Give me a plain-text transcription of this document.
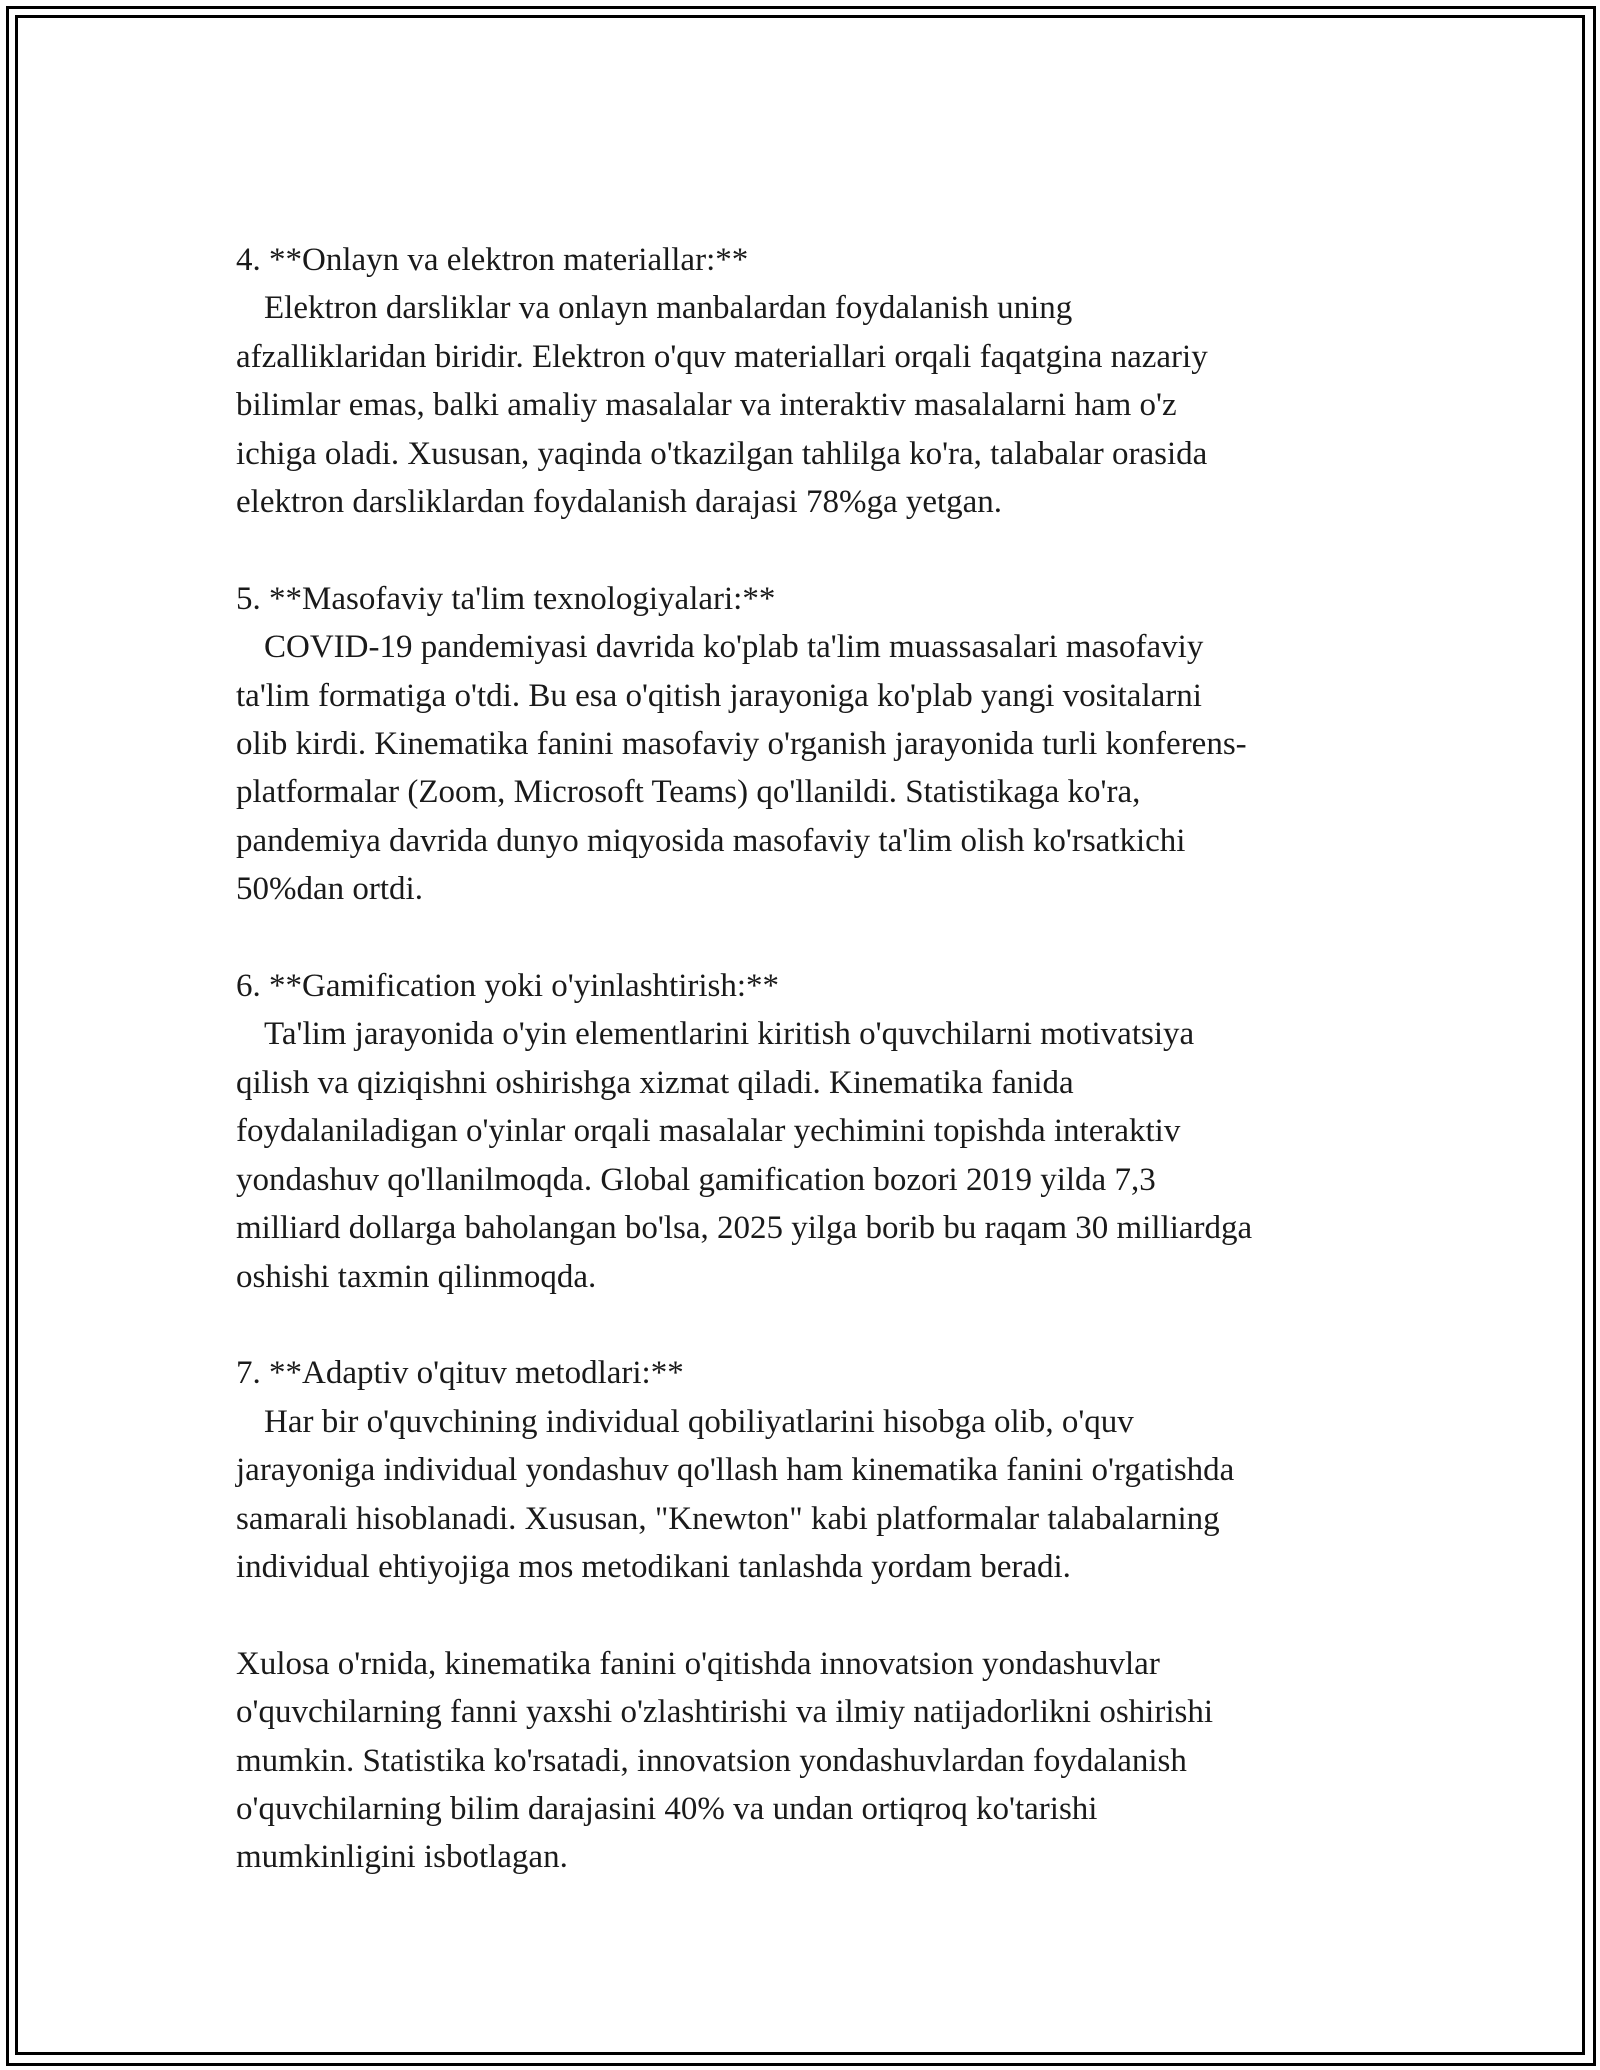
4. **Onlayn va elektron materiallar:**

Elektron darsliklar va onlayn manbalardan foydalanish uning
afzalliklaridan biridir. Elektron o'quv materiallari orqali faqatgina nazariy
bilimlar emas, balki amaliy masalalar va interaktiv masalalarni ham o'z
ichiga oladi. Xususan, yaqinda o'tkazilgan tahlilga ko'ra, talabalar orasida
elektron darsliklardan foydalanish darajasi 78%ga yetgan.

5. **Masofaviy ta'lim texnologiyalari:**

COVID-19 pandemiyasi davrida ko'plab ta'lim muassasalari masofaviy
ta'lim formatiga o'tdi. Bu esa o'qitish jarayoniga ko'plab yangi vositalarni
olib kirdi. Kinematika fanini masofaviy o'rganish jarayonida turli konferens-
platformalar (Zoom, Microsoft Teams) qo'llanildi. Statistikaga ko'ra,
pandemiya davrida dunyo miqyosida masofaviy ta'lim olish ko'rsatkichi
50%dan ortdi.

6. **Gamification yoki o'yinlashtirish:**

Ta'lim jarayonida o'yin elementlarini kiritish o'quvchilarni motivatsiya
qilish va qiziqishni oshirishga xizmat qiladi. Kinematika fanida
foydalaniladigan o'yinlar orqali masalalar yechimini topishda interaktiv
yondashuv qo'llanilmoqda. Global gamification bozori 2019 yilda 7,3
milliard dollarga baholangan bo'lsa, 2025 yilga borib bu raqam 30 milliardga
oshishi taxmin qilinmoqda.

7. **Adaptiv o'qituv metodlari:**

Har bir o'quvchining individual qobiliyatlarini hisobga olib, o'quv
jarayoniga individual yondashuv qo'llash ham kinematika fanini o'rgatishda
samarali hisoblanadi. Xususan, "Knewton" kabi platformalar talabalarning
individual ehtiyojiga mos metodikani tanlashda yordam beradi.

Xulosa o'rnida, kinematika fanini o'qitishda innovatsion yondashuvlar
o'quvchilarning fanni yaxshi o'zlashtirishi va ilmiy natijadorlikni oshirishi
mumkin. Statistika ko'rsatadi, innovatsion yondashuvlardan foydalanish
o'quvchilarning bilim darajasini 40% va undan ortiqroq ko'tarishi
mumkinligini isbotlagan.
